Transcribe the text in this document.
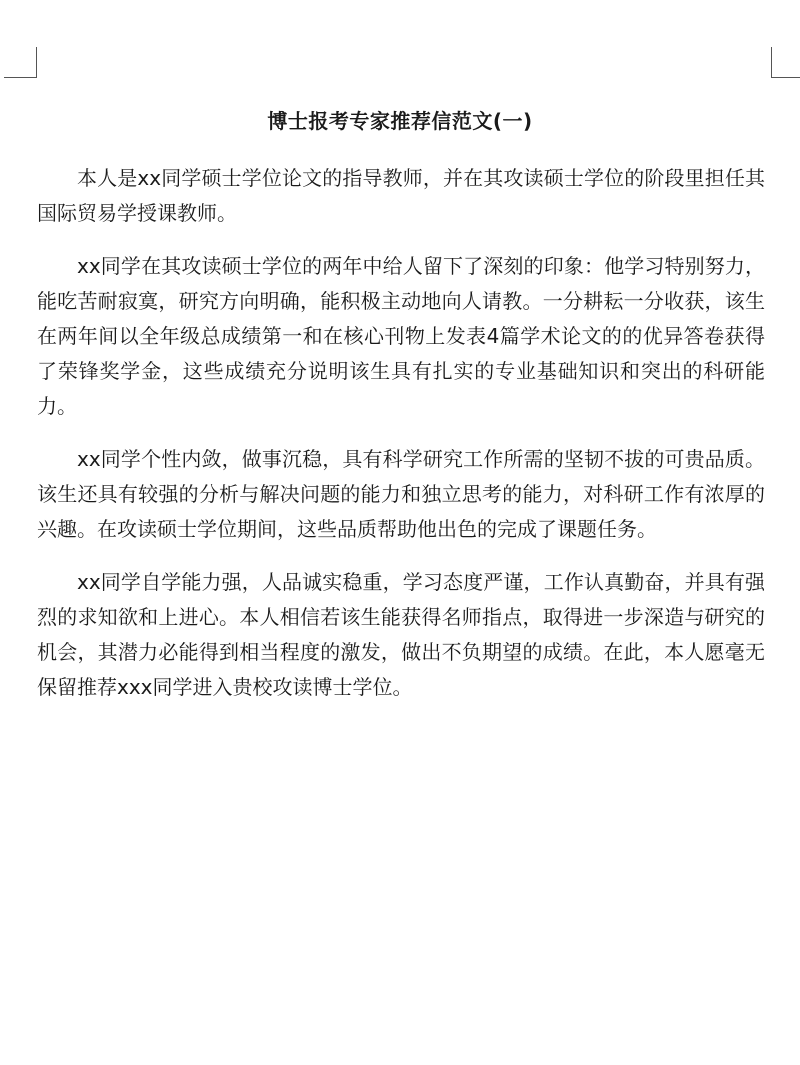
博士报考专家推荐信范文(一)

本人是xx同学硕士学位论文的指导教师，并在其攻读硕士学位的阶段里担任其国际贸易学授课教师。

xx同学在其攻读硕士学位的两年中给人留下了深刻的印象：他学习特别努力，能吃苦耐寂寞，研究方向明确，能积极主动地向人请教。一分耕耘一分收获，该生在两年间以全年级总成绩第一和在核心刊物上发表4篇学术论文的的优异答卷获得了荣锋奖学金，这些成绩充分说明该生具有扎实的专业基础知识和突出的科研能力。

xx同学个性内敛，做事沉稳，具有科学研究工作所需的坚韧不拔的可贵品质。该生还具有较强的分析与解决问题的能力和独立思考的能力，对科研工作有浓厚的兴趣。在攻读硕士学位期间，这些品质帮助他出色的完成了课题任务。

xx同学自学能力强，人品诚实稳重，学习态度严谨，工作认真勤奋，并具有强烈的求知欲和上进心。本人相信若该生能获得名师指点，取得进一步深造与研究的机会，其潜力必能得到相当程度的激发，做出不负期望的成绩。在此，本人愿毫无保留推荐xxx同学进入贵校攻读博士学位。
